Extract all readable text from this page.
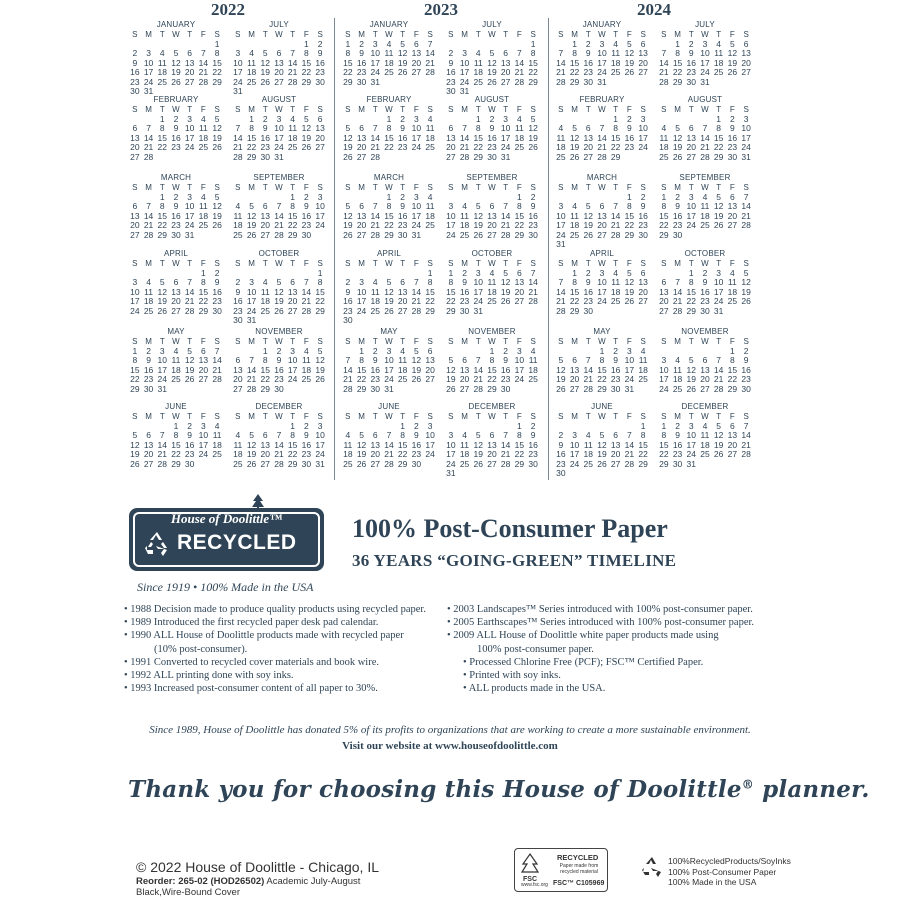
2022
JANUARY
S	M	T	W	T	F	S
						1
2	3	4	5	6	7	8
9	10	11	12	13	14	15
16	17	18	19	20	21	22
23	24	25	26	27	28	29
30	31					
JULY
S	M	T	W	T	F	S
					1	2
3	4	5	6	7	8	9
10	11	12	13	14	15	16
17	18	19	20	21	22	23
24	25	26	27	28	29	30
31						
FEBRUARY
S	M	T	W	T	F	S
		1	2	3	4	5
6	7	8	9	10	11	12
13	14	15	16	17	18	19
20	21	22	23	24	25	26
27	28					
AUGUST
S	M	T	W	T	F	S
	1	2	3	4	5	6
7	8	9	10	11	12	13
14	15	16	17	18	19	20
21	22	23	24	25	26	27
28	29	30	31			
MARCH
S	M	T	W	T	F	S
		1	2	3	4	5
6	7	8	9	10	11	12
13	14	15	16	17	18	19
20	21	22	23	24	25	26
27	28	29	30	31		
SEPTEMBER
S	M	T	W	T	F	S
				1	2	3
4	5	6	7	8	9	10
11	12	13	14	15	16	17
18	19	20	21	22	23	24
25	26	27	28	29	30	
APRIL
S	M	T	W	T	F	S
					1	2
3	4	5	6	7	8	9
10	11	12	13	14	15	16
17	18	19	20	21	22	23
24	25	26	27	28	29	30
OCTOBER
S	M	T	W	T	F	S
						1
2	3	4	5	6	7	8
9	10	11	12	13	14	15
16	17	18	19	20	21	22
23	24	25	26	27	28	29
30	31					
MAY
S	M	T	W	T	F	S
1	2	3	4	5	6	7
8	9	10	11	12	13	14
15	16	17	18	19	20	21
22	23	24	25	26	27	28
29	30	31				
NOVEMBER
S	M	T	W	T	F	S
		1	2	3	4	5
6	7	8	9	10	11	12
13	14	15	16	17	18	19
20	21	22	23	24	25	26
27	28	29	30			
JUNE
S	M	T	W	T	F	S
			1	2	3	4
5	6	7	8	9	10	11
12	13	14	15	16	17	18
19	20	21	22	23	24	25
26	27	28	29	30		
DECEMBER
S	M	T	W	T	F	S
				1	2	3
4	5	6	7	8	9	10
11	12	13	14	15	16	17
18	19	20	21	22	23	24
25	26	27	28	29	30	31
2023
JANUARY
S	M	T	W	T	F	S
1	2	3	4	5	6	7
8	9	10	11	12	13	14
15	16	17	18	19	20	21
22	23	24	25	26	27	28
29	30	31				
JULY
S	M	T	W	T	F	S
						1
2	3	4	5	6	7	8
9	10	11	12	13	14	15
16	17	18	19	20	21	22
23	24	25	26	27	28	29
30	31					
FEBRUARY
S	M	T	W	T	F	S
			1	2	3	4
5	6	7	8	9	10	11
12	13	14	15	16	17	18
19	20	21	22	23	24	25
26	27	28				
AUGUST
S	M	T	W	T	F	S
		1	2	3	4	5
6	7	8	9	10	11	12
13	14	15	16	17	18	19
20	21	22	23	24	25	26
27	28	29	30	31		
MARCH
S	M	T	W	T	F	S
			1	2	3	4
5	6	7	8	9	10	11
12	13	14	15	16	17	18
19	20	21	22	23	24	25
26	27	28	29	30	31	
SEPTEMBER
S	M	T	W	T	F	S
					1	2
3	4	5	6	7	8	9
10	11	12	13	14	15	16
17	18	19	20	21	22	23
24	25	26	27	28	29	30
APRIL
S	M	T	W	T	F	S
						1
2	3	4	5	6	7	8
9	10	11	12	13	14	15
16	17	18	19	20	21	22
23	24	25	26	27	28	29
30						
OCTOBER
S	M	T	W	T	F	S
1	2	3	4	5	6	7
8	9	10	11	12	13	14
15	16	17	18	19	20	21
22	23	24	25	26	27	28
29	30	31				
MAY
S	M	T	W	T	F	S
	1	2	3	4	5	6
7	8	9	10	11	12	13
14	15	16	17	18	19	20
21	22	23	24	25	26	27
28	29	30	31			
NOVEMBER
S	M	T	W	T	F	S
			1	2	3	4
5	6	7	8	9	10	11
12	13	14	15	16	17	18
19	20	21	22	23	24	25
26	27	28	29	30		
JUNE
S	M	T	W	T	F	S
				1	2	3
4	5	6	7	8	9	10
11	12	13	14	15	16	17
18	19	20	21	22	23	24
25	26	27	28	29	30	
DECEMBER
S	M	T	W	T	F	S
					1	2
3	4	5	6	7	8	9
10	11	12	13	14	15	16
17	18	19	20	21	22	23
24	25	26	27	28	29	30
31						
2024
JANUARY
S	M	T	W	T	F	S
	1	2	3	4	5	6
7	8	9	10	11	12	13
14	15	16	17	18	19	20
21	22	23	24	25	26	27
28	29	30	31			
JULY
S	M	T	W	T	F	S
	1	2	3	4	5	6
7	8	9	10	11	12	13
14	15	16	17	18	19	20
21	22	23	24	25	26	27
28	29	30	31			
FEBRUARY
S	M	T	W	T	F	S
				1	2	3
4	5	6	7	8	9	10
11	12	13	14	15	16	17
18	19	20	21	22	23	24
25	26	27	28	29		
AUGUST
S	M	T	W	T	F	S
				1	2	3
4	5	6	7	8	9	10
11	12	13	14	15	16	17
18	19	20	21	22	23	24
25	26	27	28	29	30	31
MARCH
S	M	T	W	T	F	S
					1	2
3	4	5	6	7	8	9
10	11	12	13	14	15	16
17	18	19	20	21	22	23
24	25	26	27	28	29	30
31						
SEPTEMBER
S	M	T	W	T	F	S
1	2	3	4	5	6	7
8	9	10	11	12	13	14
15	16	17	18	19	20	21
22	23	24	25	26	27	28
29	30					
APRIL
S	M	T	W	T	F	S
	1	2	3	4	5	6
7	8	9	10	11	12	13
14	15	16	17	18	19	20
21	22	23	24	25	26	27
28	29	30				
OCTOBER
S	M	T	W	T	F	S
		1	2	3	4	5
6	7	8	9	10	11	12
13	14	15	16	17	18	19
20	21	22	23	24	25	26
27	28	29	30	31		
MAY
S	M	T	W	T	F	S
			1	2	3	4
5	6	7	8	9	10	11
12	13	14	15	16	17	18
19	20	21	22	23	24	25
26	27	28	29	30	31	
NOVEMBER
S	M	T	W	T	F	S
					1	2
3	4	5	6	7	8	9
10	11	12	13	14	15	16
17	18	19	20	21	22	23
24	25	26	27	28	29	30
JUNE
S	M	T	W	T	F	S
						1
2	3	4	5	6	7	8
9	10	11	12	13	14	15
16	17	18	19	20	21	22
23	24	25	26	27	28	29
30						
DECEMBER
S	M	T	W	T	F	S
1	2	3	4	5	6	7
8	9	10	11	12	13	14
15	16	17	18	19	20	21
22	23	24	25	26	27	28
29	30	31				
House of Doolittle™
RECYCLED
Since 1919 • 100% Made in the USA
100% Post-Consumer Paper
36 YEARS “GOING-GREEN” TIMELINE
• 1988 Decision made to produce quality products using recycled paper.
• 1989 Introduced the first recycled paper desk pad calendar.
• 1990 ALL House of Doolittle products made with recycled paper
(10% post-consumer).
• 1991 Converted to recycled cover materials and book wire.
• 1992 ALL printing done with soy inks.
• 1993 Increased post-consumer content of all paper to 30%.
• 2003 Landscapes™ Series introduced with 100% post-consumer paper.
• 2005 Earthscapes™ Series introduced with 100% post-consumer paper.
• 2009 ALL House of Doolittle white paper products made using
100% post-consumer paper.
• Processed Chlorine Free (PCF); FSC™ Certified Paper.
• Printed with soy inks.
• ALL products made in the USA.
Since 1989, House of Doolittle has donated 5% of its profits to organizations that are working to create a more sustainable environment.
Visit our website at www.houseofdoolittle.com
Thank you for choosing this House of Doolittle® planner.
© 2022 House of Doolittle - Chicago, IL
Reorder: 265-02 (HOD26502) Academic July-August
Black,Wire-Bound Cover
FSC
www.fsc.org
RECYCLED
Paper made from recycled material
FSC™ C105969
100%RecycledProducts/SoyInks
100% Post-Consumer Paper
100% Made in the USA
